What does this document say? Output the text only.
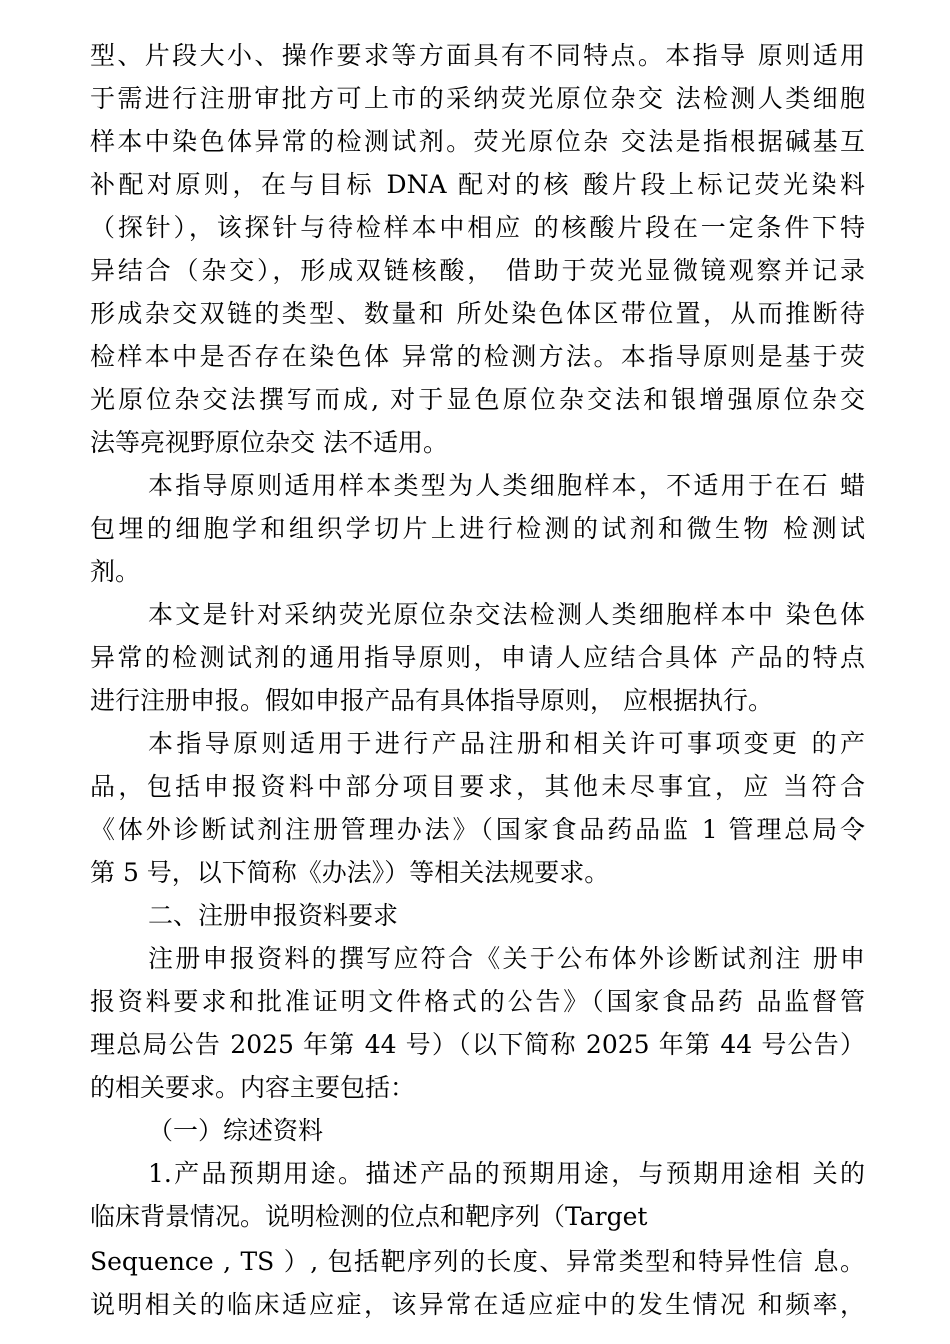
型、片段大小、操作要求等方面具有不同特点。本指导 原则适用
于需进行注册审批方可上市的采纳荧光原位杂交 法检测人类细胞
样本中染色体异常的检测试剂。荧光原位杂 交法是指根据碱基互
补配对原则，在与目标 DNA 配对的核 酸片段上标记荧光染料
（探针），该探针与待检样本中相应 的核酸片段在一定条件下特
异结合（杂交），形成双链核酸， 借助于荧光显微镜观察并记录
形成杂交双链的类型、数量和 所处染色体区带位置，从而推断待
检样本中是否存在染色体 异常的检测方法。本指导原则是基于荧
光原位杂交法撰写而成, 对于显色原位杂交法和银增强原位杂交
法等亮视野原位杂交 法不适用。
本指导原则适用样本类型为人类细胞样本，不适用于在石 蜡
包埋的细胞学和组织学切片上进行检测的试剂和微生物 检测试
剂。
本文是针对采纳荧光原位杂交法检测人类细胞样本中 染色体
异常的检测试剂的通用指导原则，申请人应结合具体 产品的特点
进行注册申报。假如申报产品有具体指导原则， 应根据执行。
本指导原则适用于进行产品注册和相关许可事项变更 的产
品，包括申报资料中部分项目要求，其他未尽事宜，应 当符合
《体外诊断试剂注册管理办法》（国家食品药品监 1 管理总局令
第 5 号，以下简称《办法》）等相关法规要求。
二、注册申报资料要求
注册申报资料的撰写应符合《关于公布体外诊断试剂注 册申
报资料要求和批准证明文件格式的公告》（国家食品药 品监督管
理总局公告 2025 年第 44 号）（以下简称 2025 年第 44 号公告）
的相关要求。内容主要包括：
（一）综述资料
1.产品预期用途。描述产品的预期用途，与预期用途相 关的
临床背景情况。说明检测的位点和靶序列（Target
Sequence , TS ）, 包括靶序列的长度、异常类型和特异性信 息。
说明相关的临床适应症，该异常在适应症中的发生情况 和频率，
